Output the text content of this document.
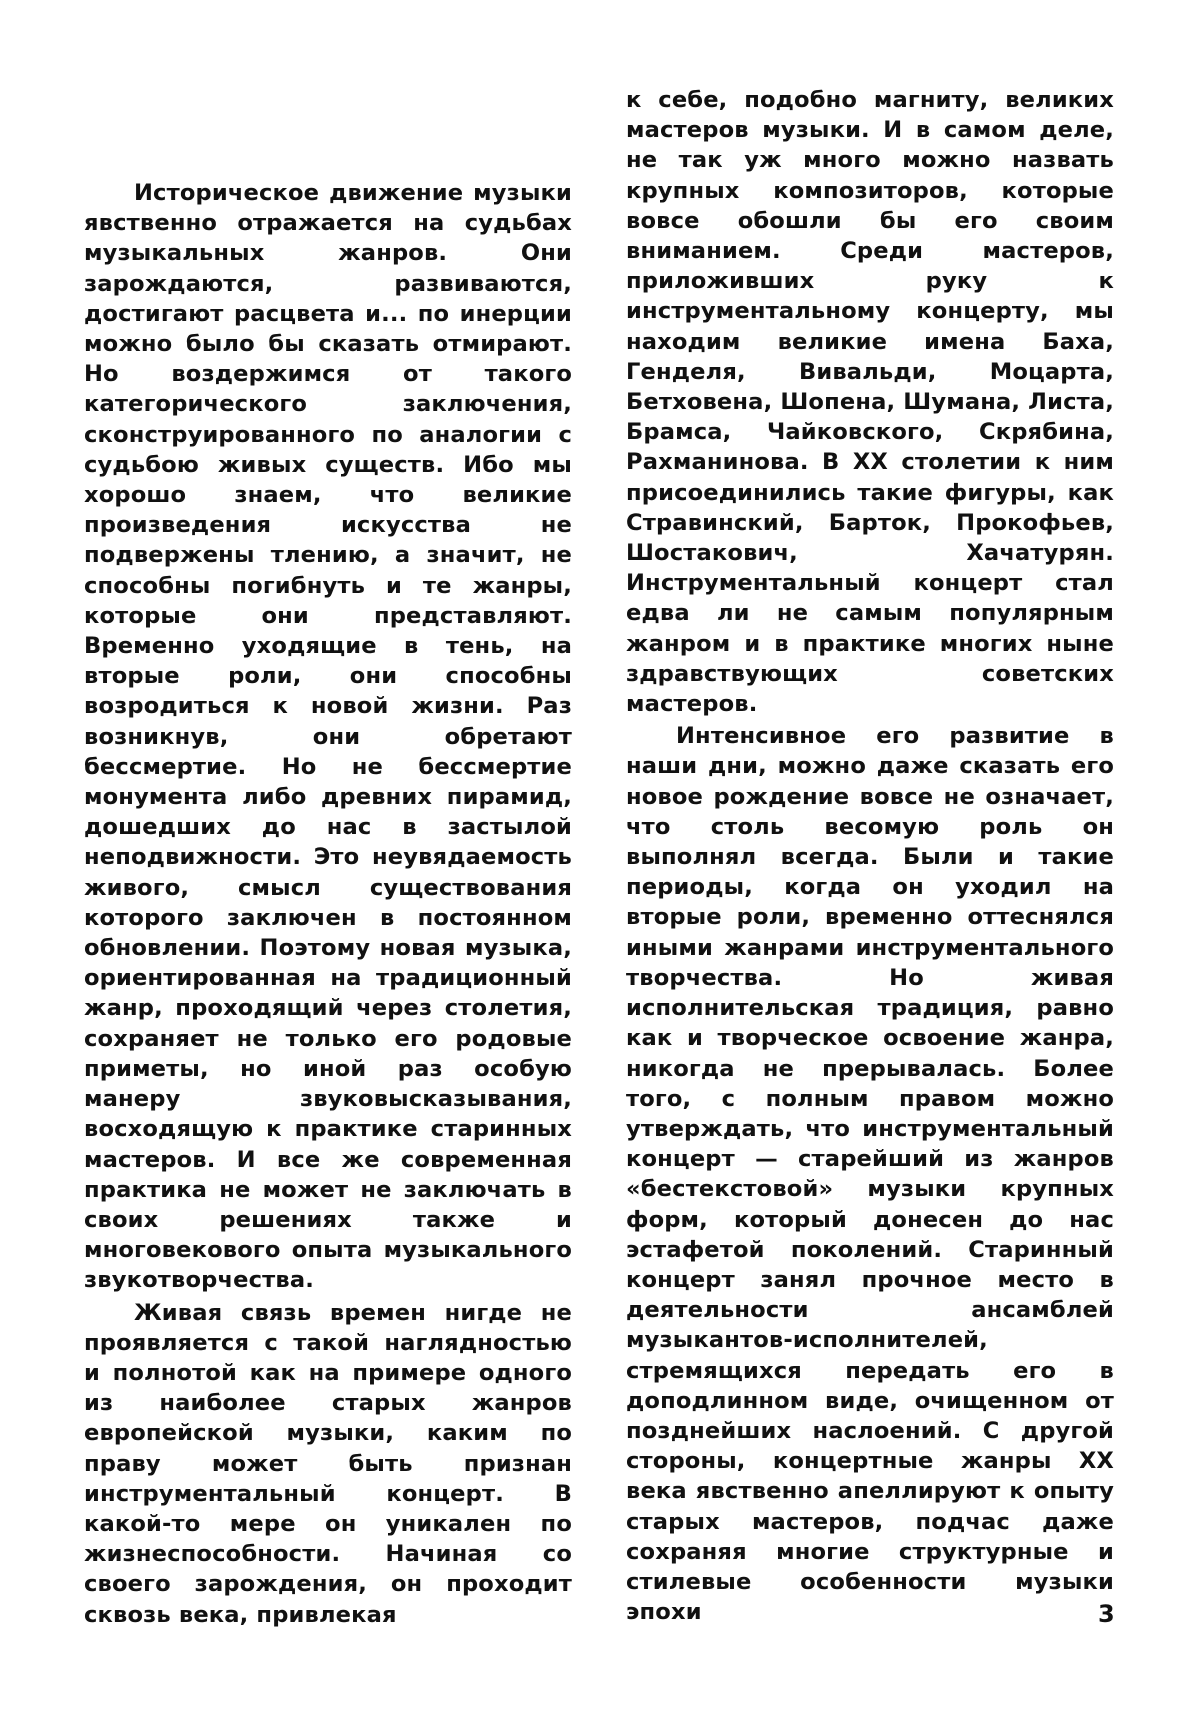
Историческое движение музыки явственно отражается на судьбах музыкальных жанров. Они зарождаются, развиваются, достигают расцвета и... по инерции можно было бы сказать отмирают. Но воздержимся от такого категорического заключения, сконструированного по аналогии с судьбою живых существ. Ибо мы хорошо знаем, что великие произведения искусства не подвержены тлению, а значит, не способны погибнуть и те жанры, которые они представляют. Временно уходящие в тень, на вторые роли, они способны возродиться к новой жизни. Раз возникнув, они обретают бессмертие. Но не бессмертие монумента либо древних пирамид, дошедших до нас в застылой неподвижности. Это неувядаемость живого, смысл существования которого заключен в постоянном обновлении. Поэтому новая музыка, ориентированная на традиционный жанр, проходящий через столетия, сохраняет не только его родовые приметы, но иной раз особую манеру звуковысказывания, восходящую к практике старинных мастеров. И все же современная практика не может не заключать в своих решениях также и многовекового опыта музыкального звукотворчества.

Живая связь времен нигде не проявляется с такой наглядностью и полнотой как на примере одного из наиболее старых жанров европейской музыки, каким по праву может быть признан инструментальный концерт. В какой-то мере он уникален по жизнеспособности. Начиная со своего зарождения, он проходит сквозь века, привлекая

к себе, подобно магниту, великих мастеров музыки. И в самом деле, не так уж много можно назвать крупных композиторов, которые вовсе обошли бы его своим вниманием. Среди мастеров, приложивших руку к инструментальному концерту, мы находим великие имена Баха, Генделя, Вивальди, Моцарта, Бетховена, Шопена, Шумана, Листа, Брамса, Чайковского, Скрябина, Рахманинова. В XX столетии к ним присоединились такие фигуры, как Стравинский, Барток, Прокофьев, Шостакович, Хачатурян. Инструментальный концерт стал едва ли не самым популярным жанром и в практике многих ныне здравствующих советских мастеров.

Интенсивное его развитие в наши дни, можно даже сказать его новое рождение вовсе не означает, что столь весомую роль он выполнял всегда. Были и такие периоды, когда он уходил на вторые роли, временно оттеснялся иными жанрами инструментального творчества. Но живая исполнительская традиция, равно как и творческое освоение жанра, никогда не прерывалась. Более того, с полным правом можно утверждать, что инструментальный концерт — старейший из жанров «бестекстовой» музыки крупных форм, который донесен до нас эстафетой поколений. Старинный концерт занял прочное место в деятельности ансамблей музыкантов-исполнителей, стремящихся передать его в доподлинном виде, очищенном от позднейших наслоений. С другой стороны, концертные жанры XX века явственно апеллируют к опыту старых мастеров, подчас даже сохраняя многие структурные и стилевые особенности музыки эпохи	3
